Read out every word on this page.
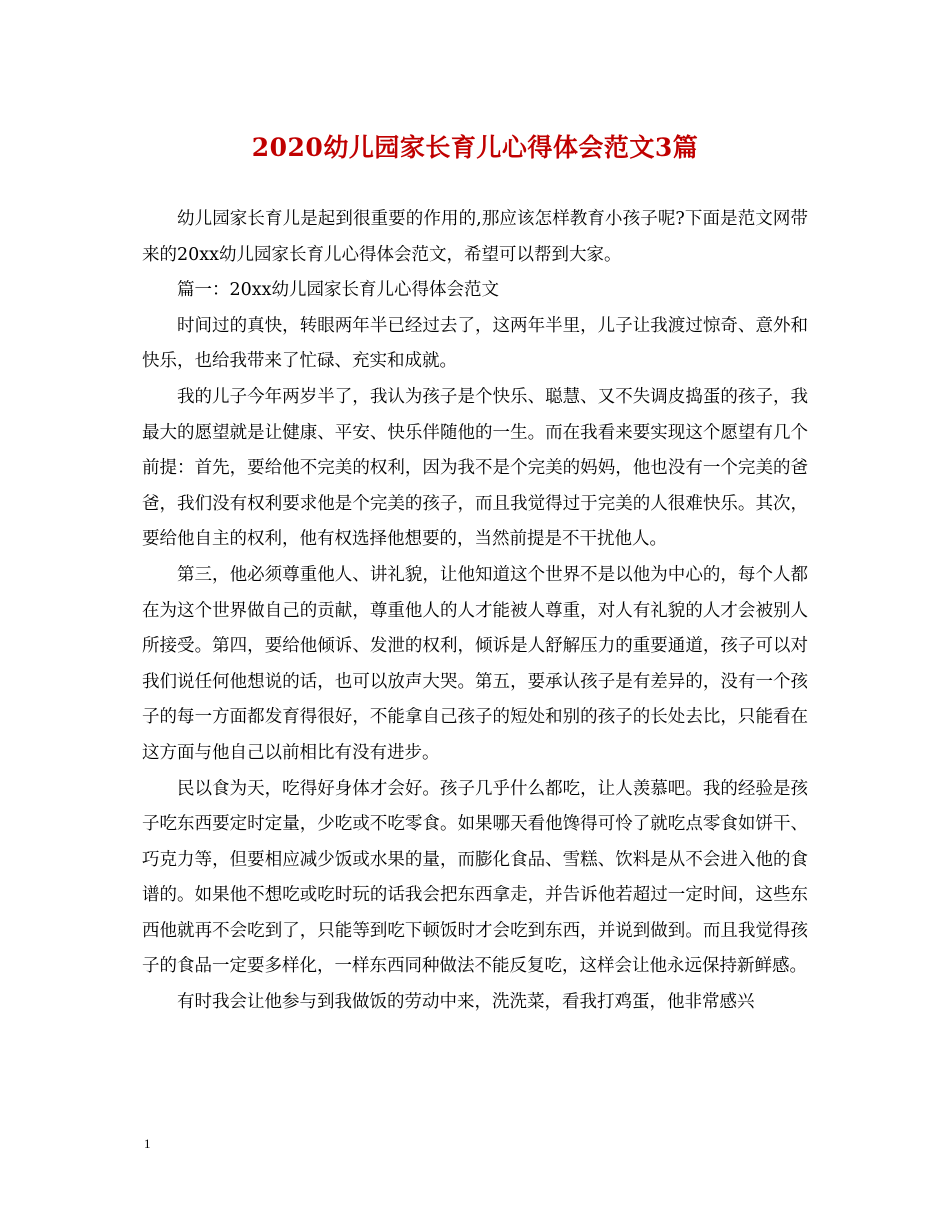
2020幼儿园家长育儿心得体会范文3篇

幼儿园家长育儿是起到很重要的作用的,那应该怎样教育小孩子呢?下面是范文网带来的20xx幼儿园家长育儿心得体会范文，希望可以帮到大家。

篇一：20xx幼儿园家长育儿心得体会范文

时间过的真快，转眼两年半已经过去了，这两年半里，儿子让我渡过惊奇、意外和快乐，也给我带来了忙碌、充实和成就。

我的儿子今年两岁半了，我认为孩子是个快乐、聪慧、又不失调皮捣蛋的孩子，我最大的愿望就是让健康、平安、快乐伴随他的一生。而在我看来要实现这个愿望有几个前提：首先，要给他不完美的权利，因为我不是个完美的妈妈，他也没有一个完美的爸爸，我们没有权利要求他是个完美的孩子，而且我觉得过于完美的人很难快乐。其次，要给他自主的权利，他有权选择他想要的，当然前提是不干扰他人。

第三，他必须尊重他人、讲礼貌，让他知道这个世界不是以他为中心的，每个人都在为这个世界做自己的贡献，尊重他人的人才能被人尊重，对人有礼貌的人才会被别人所接受。第四，要给他倾诉、发泄的权利，倾诉是人舒解压力的重要通道，孩子可以对我们说任何他想说的话，也可以放声大哭。第五，要承认孩子是有差异的，没有一个孩子的每一方面都发育得很好，不能拿自己孩子的短处和别的孩子的长处去比，只能看在这方面与他自己以前相比有没有进步。

民以食为天，吃得好身体才会好。孩子几乎什么都吃，让人羡慕吧。我的经验是孩子吃东西要定时定量，少吃或不吃零食。如果哪天看他馋得可怜了就吃点零食如饼干、巧克力等，但要相应减少饭或水果的量，而膨化食品、雪糕、饮料是从不会进入他的食谱的。如果他不想吃或吃时玩的话我会把东西拿走，并告诉他若超过一定时间，这些东西他就再不会吃到了，只能等到吃下顿饭时才会吃到东西，并说到做到。而且我觉得孩子的食品一定要多样化，一样东西同种做法不能反复吃，这样会让他永远保持新鲜感。

有时我会让他参与到我做饭的劳动中来，洗洗菜，看我打鸡蛋，他非常感兴

1
